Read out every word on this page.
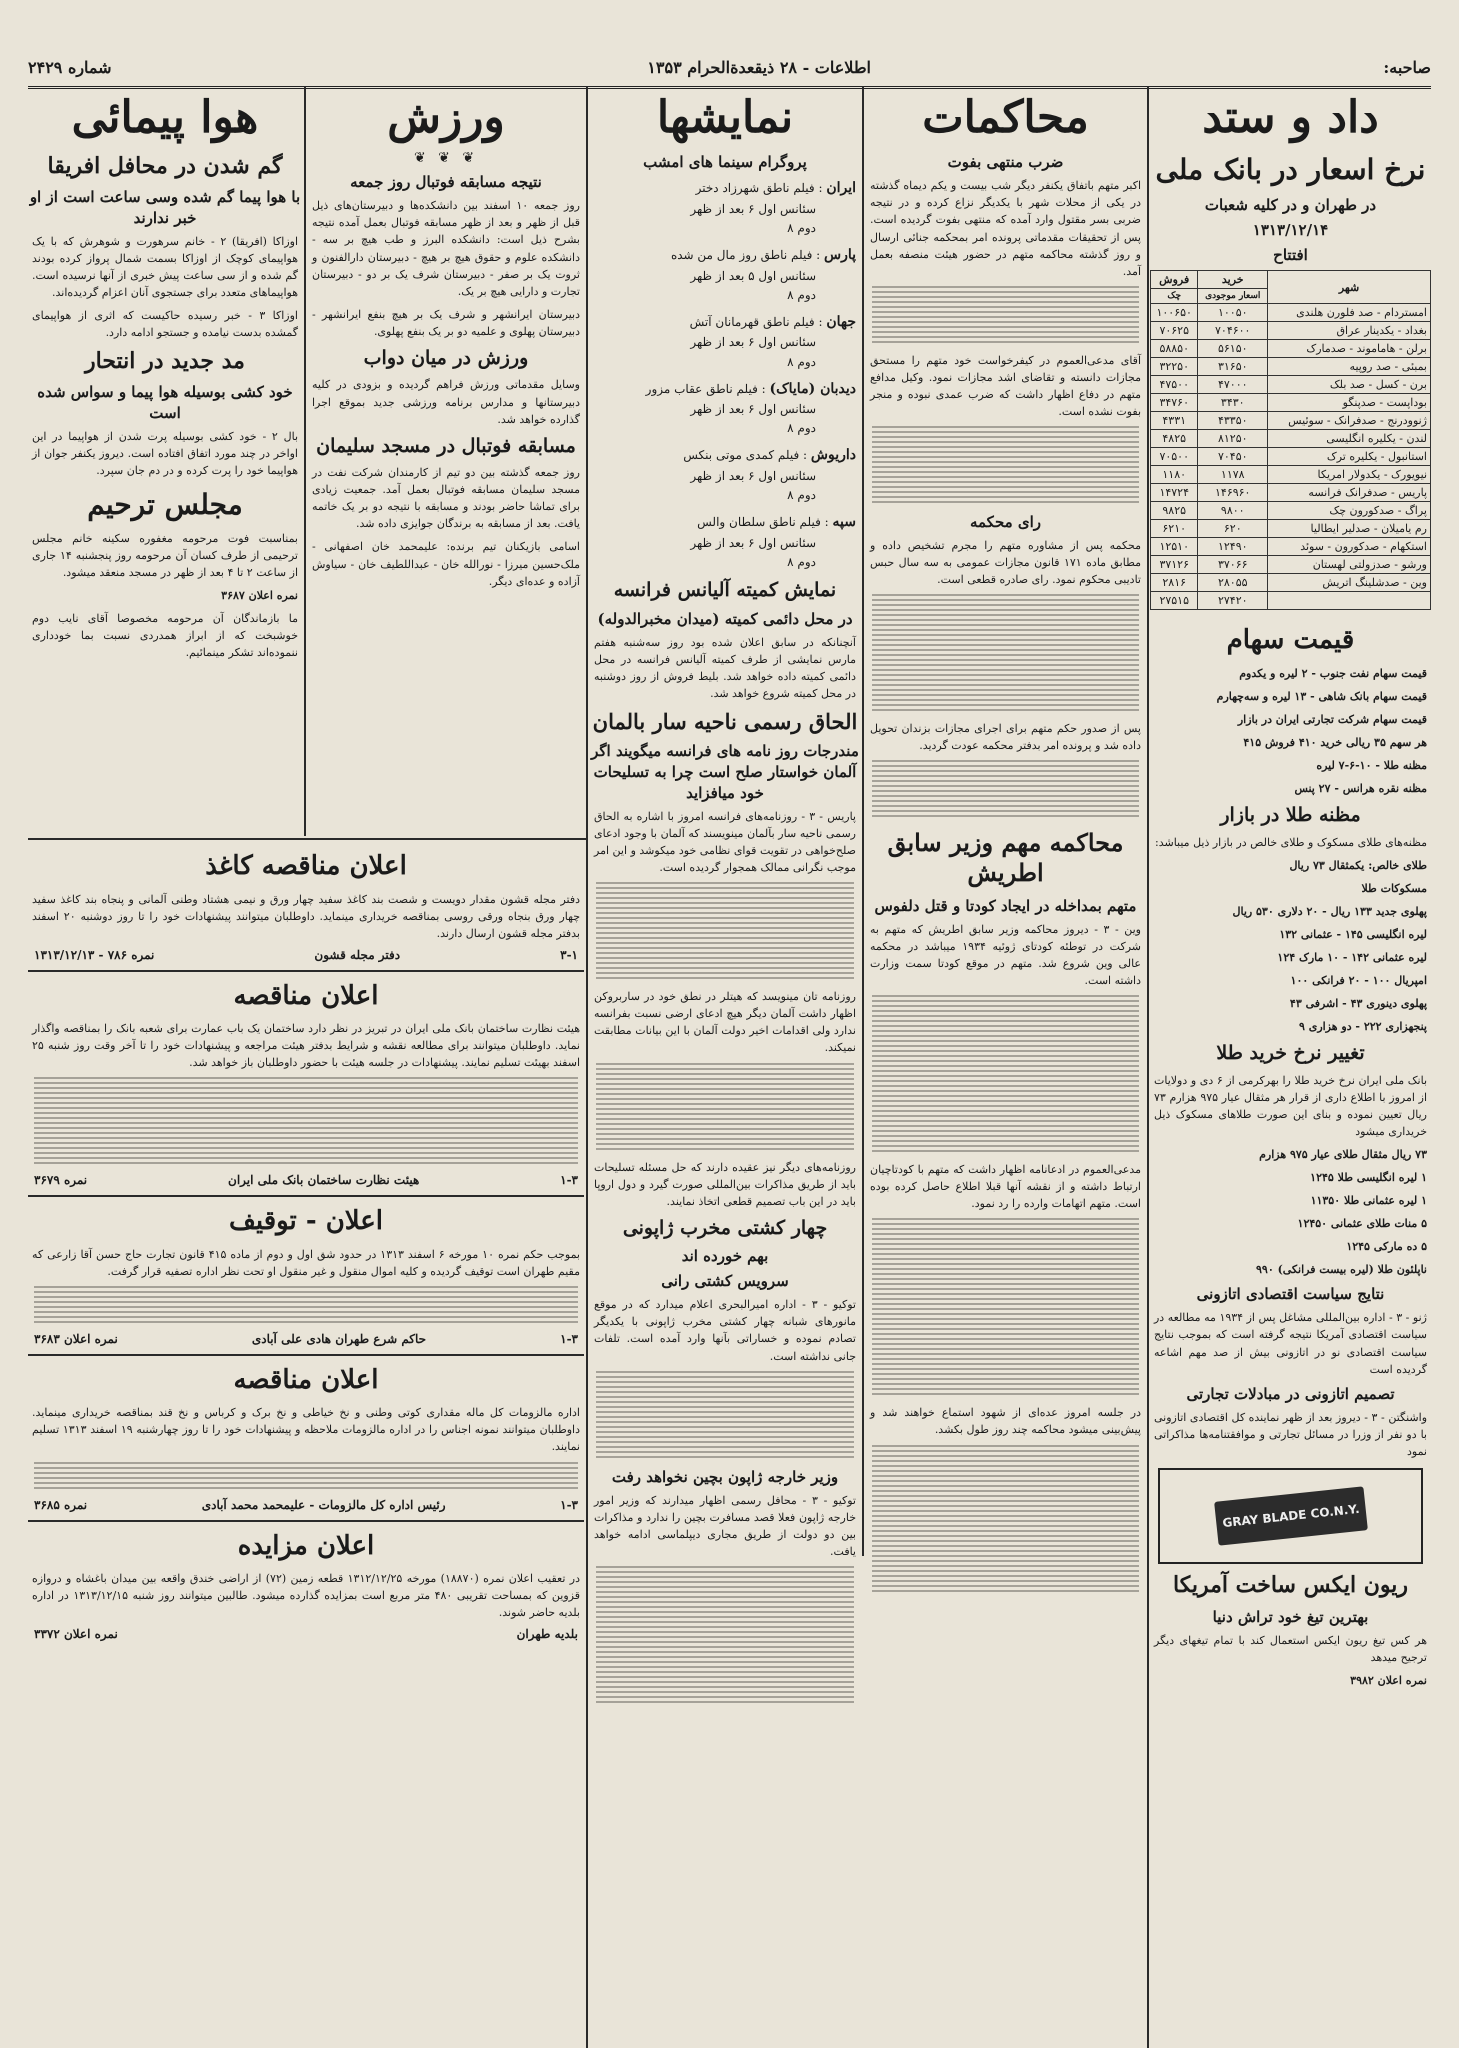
صاحبه:
اطلاعات - ۲۸ ذیقعدة‌الحرام ۱۳۵۳
شماره ۲۴۲۹
داد و ستد
نرخ اسعار در بانک ملی
در طهران و در کلیه شعبات
۱۳۱۳/۱۲/۱۴
افتتاح
شهر	خرید	فروش
	اسعار موجودی	چک
امستردام - صد فلورن هلندی	۱۰۰۵۰	۱۰۰۶۵۰
بغداد - یکدینار عراق	۷۰۴۶۰۰	۷۰۶۲۵
برلن - هاماموند - صدمارک	۵۶۱۵۰	۵۸۸۵۰
بمبئی - صد روپیه	۳۱۶۵۰	۳۲۲۵۰
برن - کسل - صد بلک	۴۷۰۰۰	۴۷۵۰۰
بوداپست - صدپنگو	۳۴۳۰	۳۴۷۶۰
ژنوودرنج - صدفرانک - سوئیس	۴۳۳۵۰	۴۳۳۱
لندن - یکلیره انگلیسی	۸۱۲۵۰	۴۸۲۵
استانبول - یکلیره ترک	۷۰۴۵۰	۷۰۵۰۰
نیویورک - یکدولار امریکا	۱۱۷۸	۱۱۸۰
پاریس - صدفرانک فرانسه	۱۴۶۹۶۰	۱۴۷۲۴
پراگ - صدکورون چک	۹۸۰۰	۹۸۲۵
رم یامیلان - صدلیر ایطالیا	۶۲۰	۶۲۱۰
استکهام - صدکورون - سوئد	۱۲۴۹۰	۱۲۵۱۰
ورشو - صدزولتی لهستان	۳۷۰۶۶	۳۷۱۲۶
وین - صدشلینگ اتریش	۲۸۰۵۵	۲۸۱۶
	۲۷۴۲۰	۲۷۵۱۵
قیمت سهام
قیمت سهام نفت جنوب - ۲ لیره و یکدوم
قیمت سهام بانک شاهی - ۱۳ لیره و سه‌چهارم
قیمت سهام شرکت تجارتی ایران در بازار
هر سهم ۳۵ ریالی خرید ۴۱۰ فروش ۴۱۵
مظنه طلا - ۱۰-۶-۷ لیره
مظنه نقره هرانس - ۲۷ پنس
مظنه طلا در بازار
مظنه‌های طلای مسکوک و طلای خالص در بازار ذیل میباشد:
طلای خالص: یکمثقال ۷۳ ریال
مسکوکات طلا
پهلوی جدید ۱۳۳ ریال - ۲۰ دلاری ۵۳۰ ریال
لیره انگلیسی ۱۴۵ - عثمانی ۱۳۲
لیره عثمانی ۱۴۲ - ۱۰ مارک ۱۲۴
امپریال ۱۰۰ - ۲۰ فرانکی ۱۰۰
پهلوی دینوری ۴۳ - اشرفی ۴۳
پنجهزاری ۲۲۲ - دو هزاری ۹
تغییر نرخ خرید طلا
بانک ملی ایران نرخ خرید طلا را بهرکرمی از ۶ دی و دولایات از امروز با اطلاع داری از قرار هر مثقال عیار ۹۷۵ هزارم ۷۳ ریال تعیین نموده و بنای این صورت طلاهای مسکوک ذیل خریداری میشود
۷۳ ریال مثقال طلای عیار ۹۷۵ هزارم
۱ لیره انگلیسی طلا ۱۲۴۵
۱ لیره عثمانی طلا ۱۱۳۵۰
۵ منات طلای عثمانی ۱۲۴۵۰
۵ ده مارکی ۱۲۴۵
ناپلئون طلا (لیره بیست فرانکی) ۹۹۰
نتایج سیاست اقتصادی اتازونی
ژنو - ۳ - اداره بین‌المللی مشاغل پس از ۱۹۳۴ مه مطالعه در سیاست اقتصادی آمریکا نتیجه گرفته است که بموجب نتایج سیاست اقتصادی نو در اتازونی بیش از صد مهم اشاعه گردیده است
تصمیم اتازونی در مبادلات تجارتی
واشنگتن - ۳ - دیروز بعد از ظهر نماینده کل اقتصادی اتازونی با دو نفر از وزرا در مسائل تجارتی و موافقتنامه‌ها مذاکراتی نمود
GRAY BLADE CO.N.Y.
ریون ایکس ساخت آمریکا
بهترین تیغ خود تراش دنیا
هر کس تیغ ریون ایکس استعمال کند با تمام تیغهای دیگر ترجیح میدهد
نمره اعلان ۳۹۸۲
محاکمات
ضرب منتهی بفوت
اکبر متهم باتفاق یکنفر دیگر شب بیست و یکم دیماه گذشته در یکی از محلات شهر با یکدیگر نزاع کرده و در نتیجه ضربی بسر مقتول وارد آمده که منتهی بفوت گردیده است. پس از تحقیقات مقدماتی پرونده امر بمحکمه جنائی ارسال و روز گذشته محاکمه متهم در حضور هیئت منصفه بعمل آمد.
آقای مدعی‌العموم در کیفرخواست خود متهم را مستحق مجازات دانسته و تقاضای اشد مجازات نمود. وکیل مدافع متهم در دفاع اظهار داشت که ضرب عمدی نبوده و منجر بفوت نشده است.
رای محکمه
محکمه پس از مشاوره متهم را مجرم تشخیص داده و مطابق ماده ۱۷۱ قانون مجازات عمومی به سه سال حبس تادیبی محکوم نمود. رای صادره قطعی است.
پس از صدور حکم متهم برای اجرای مجازات بزندان تحویل داده شد و پرونده امر بدفتر محکمه عودت گردید.
محاکمه مهم وزیر سابق اطریش
متهم بمداخله در ایجاد کودتا و قتل دلفوس
وین - ۳ - دیروز محاکمه وزیر سابق اطریش که متهم به شرکت در توطئه کودتای ژوئیه ۱۹۳۴ میباشد در محکمه عالی وین شروع شد. متهم در موقع کودتا سمت وزارت داشته است.
مدعی‌العموم در ادعانامه اظهار داشت که متهم با کودتاچیان ارتباط داشته و از نقشه آنها قبلا اطلاع حاصل کرده بوده است. متهم اتهامات وارده را رد نمود.
در جلسه امروز عده‌ای از شهود استماع خواهند شد و پیش‌بینی میشود محاکمه چند روز طول بکشد.
نمایشها
پروگرام سینما های امشب
ایران : فیلم ناطق شهرزاد دختر
سئانس اول ۶ بعد از ظهر
دوم ۸
پارس : فیلم ناطق روز مال من شده
سئانس اول ۵ بعد از ظهر
دوم ۸
جهان : فیلم ناطق قهرمانان آتش
سئانس اول ۶ بعد از ظهر
دوم ۸
دیدبان (مایاک) : فیلم ناطق عقاب مزور
سئانس اول ۶ بعد از ظهر
دوم ۸
داریوش : فیلم کمدی موتی بنکس
سئانس اول ۶ بعد از ظهر
دوم ۸
سپه : فیلم ناطق سلطان والس
سئانس اول ۶ بعد از ظهر
دوم ۸
نمایش کمیته آلیانس فرانسه
در محل دائمی کمیته (میدان مخبرالدوله)
آنچنانکه در سابق اعلان شده بود روز سه‌شنبه هفتم مارس نمایشی از طرف کمیته آلیانس فرانسه در محل دائمی کمیته داده خواهد شد. بلیط فروش از روز دوشنبه در محل کمیته شروع خواهد شد.
الحاق رسمی ناحیه سار بالمان
مندرجات روز نامه های فرانسه میگویند اگر آلمان خواستار صلح است چرا به تسلیحات خود میافزاید
پاریس - ۳ - روزنامه‌های فرانسه امروز با اشاره به الحاق رسمی ناحیه سار بآلمان مینویسند که آلمان با وجود ادعای صلح‌خواهی در تقویت قوای نظامی خود میکوشد و این امر موجب نگرانی ممالک همجوار گردیده است.
روزنامه تان مینویسد که هیتلر در نطق خود در ساربروکن اظهار داشت آلمان دیگر هیچ ادعای ارضی نسبت بفرانسه ندارد ولی اقدامات اخیر دولت آلمان با این بیانات مطابقت نمیکند.
روزنامه‌های دیگر نیز عقیده دارند که حل مسئله تسلیحات باید از طریق مذاکرات بین‌المللی صورت گیرد و دول اروپا باید در این باب تصمیم قطعی اتخاذ نمایند.
چهار کشتی مخرب ژاپونی
بهم خورده اند
سرویس کشتی رانی
توکیو - ۳ - اداره امیرالبحری اعلام میدارد که در موقع مانورهای شبانه چهار کشتی مخرب ژاپونی با یکدیگر تصادم نموده و خساراتی بآنها وارد آمده است. تلفات جانی نداشته است.
وزیر خارجه ژاپون بچین نخواهد رفت
توکیو - ۳ - محافل رسمی اظهار میدارند که وزیر امور خارجه ژاپون فعلا قصد مسافرت بچین را ندارد و مذاکرات بین دو دولت از طریق مجاری دیپلماسی ادامه خواهد یافت.
ورزش
❦ ❦ ❦
نتیجه مسابقه فوتبال روز جمعه
روز جمعه ۱۰ اسفند بین دانشکده‌ها و دبیرستان‌های ذیل قبل از ظهر و بعد از ظهر مسابقه فوتبال بعمل آمده نتیجه بشرح ذیل است: دانشکده البرز و طب هیچ بر سه - دانشکده علوم و حقوق هیچ بر هیچ - دبیرستان دارالفنون و ثروت یک بر صفر - دبیرستان شرف یک بر دو - دبیرستان تجارت و دارایی هیچ بر یک.
دبیرستان ایرانشهر و شرف یک بر هیچ بنفع ایرانشهر - دبیرستان پهلوی و علمیه دو بر یک بنفع پهلوی.
ورزش در میان دواب
وسایل مقدماتی ورزش فراهم گردیده و بزودی در کلیه دبیرستانها و مدارس برنامه ورزشی جدید بموقع اجرا گذارده خواهد شد.
مسابقه فوتبال در مسجد سلیمان
روز جمعه گذشته بین دو تیم از کارمندان شرکت نفت در مسجد سلیمان مسابقه فوتبال بعمل آمد. جمعیت زیادی برای تماشا حاضر بودند و مسابقه با نتیجه دو بر یک خاتمه یافت. بعد از مسابقه به برندگان جوایزی داده شد.
اسامی بازیکنان تیم برنده: علیمحمد خان اصفهانی - ملک‌حسین میرزا - نورالله خان - عبداللطیف خان - سیاوش آزاده و عده‌ای دیگر.
هوا پیمائی
گم شدن در محافل افریقا
با هوا پیما گم شده وسی ساعت است از او خبر ندارند
اوزاکا (افریقا) ۲ - خانم سرهورت و شوهرش که با یک هواپیمای کوچک از اوزاکا بسمت شمال پرواز کرده بودند گم شده و از سی ساعت پیش خبری از آنها نرسیده است. هواپیماهای متعدد برای جستجوی آنان اعزام گردیده‌اند.
اوزاکا ۳ - خبر رسیده حاکیست که اثری از هواپیمای گمشده بدست نیامده و جستجو ادامه دارد.
مد جدید در انتحار
خود کشی بوسیله هوا پیما و سواس شده است
بال ۲ - خود کشی بوسیله پرت شدن از هواپیما در این اواخر در چند مورد اتفاق افتاده است. دیروز یکنفر جوان از هواپیما خود را پرت کرده و در دم جان سپرد.
مجلس ترحیم
بمناسبت فوت مرحومه مغفوره سکینه خانم مجلس ترحیمی از طرف کسان آن مرحومه روز پنجشنبه ۱۴ جاری از ساعت ۲ تا ۴ بعد از ظهر در مسجد منعقد میشود.
نمره اعلان ۳۶۸۷
ما بازماندگان آن مرحومه مخصوصا آقای نایب دوم خوشبخت که از ابراز همدردی نسبت بما خودداری ننموده‌اند تشکر مینمائیم.
اعلان مناقصه کاغذ
دفتر مجله قشون مقدار دویست و شصت بند کاغذ سفید چهار ورق و نیمی هشتاد وطنی آلمانی و پنجاه بند کاغذ سفید چهار ورق بنجاه ورقی روسی بمناقصه خریداری مینماید. داوطلبان میتوانند پیشنهادات خود را تا روز دوشنبه ۲۰ اسفند بدفتر مجله قشون ارسال دارند.
۳-۱
دفتر مجله قشون
نمره ۷۸۶ - ۱۳۱۳/۱۲/۱۳
اعلان مناقصه
هیئت نظارت ساختمان بانک ملی ایران در تبریز در نظر دارد ساختمان یک باب عمارت برای شعبه بانک را بمناقصه واگذار نماید. داوطلبان میتوانند برای مطالعه نقشه و شرایط بدفتر هیئت مراجعه و پیشنهادات خود را تا آخر وقت روز شنبه ۲۵ اسفند بهیئت تسلیم نمایند. پیشنهادات در جلسه هیئت با حضور داوطلبان باز خواهد شد.
۱-۳
هیئت نظارت ساختمان بانک ملی ایران
نمره ۳۶۷۹
اعلان - توقیف
بموجب حکم نمره ۱۰ مورخه ۶ اسفند ۱۳۱۳ در حدود شق اول و دوم از ماده ۴۱۵ قانون تجارت حاج حسن آقا زارعی که مقیم طهران است توقیف گردیده و کلیه اموال منقول و غیر منقول او تحت نظر اداره تصفیه قرار گرفت.
۱-۳
حاکم شرع طهران هادی علی آبادی
نمره اعلان ۳۶۸۳
اعلان مناقصه
اداره مالزومات کل ماله مقداری کوتی وطنی و نخ خیاطی و نخ برک و کرباس و نخ قند بمناقصه خریداری مینماید. داوطلبان میتوانند نمونه اجناس را در اداره مالزومات ملاحظه و پیشنهادات خود را تا روز چهارشنبه ۱۹ اسفند ۱۳۱۳ تسلیم نمایند.
۱-۳
رئیس اداره کل مالزومات - علیمحمد محمد آبادی
نمره ۳۶۸۵
اعلان مزایده
در تعقیب اعلان نمره (۱۸۸۷۰) مورخه ۱۳۱۲/۱۲/۲۵ قطعه زمین (۷۲) از اراضی خندق واقعه بین میدان باغشاه و دروازه قزوین که بمساحت تقریبی ۴۸۰ متر مربع است بمزایده گذارده میشود. طالبین میتوانند روز شنبه ۱۳۱۳/۱۲/۱۵ در اداره بلدیه حاضر شوند.
بلدیه طهران
نمره اعلان ۳۳۷۲
